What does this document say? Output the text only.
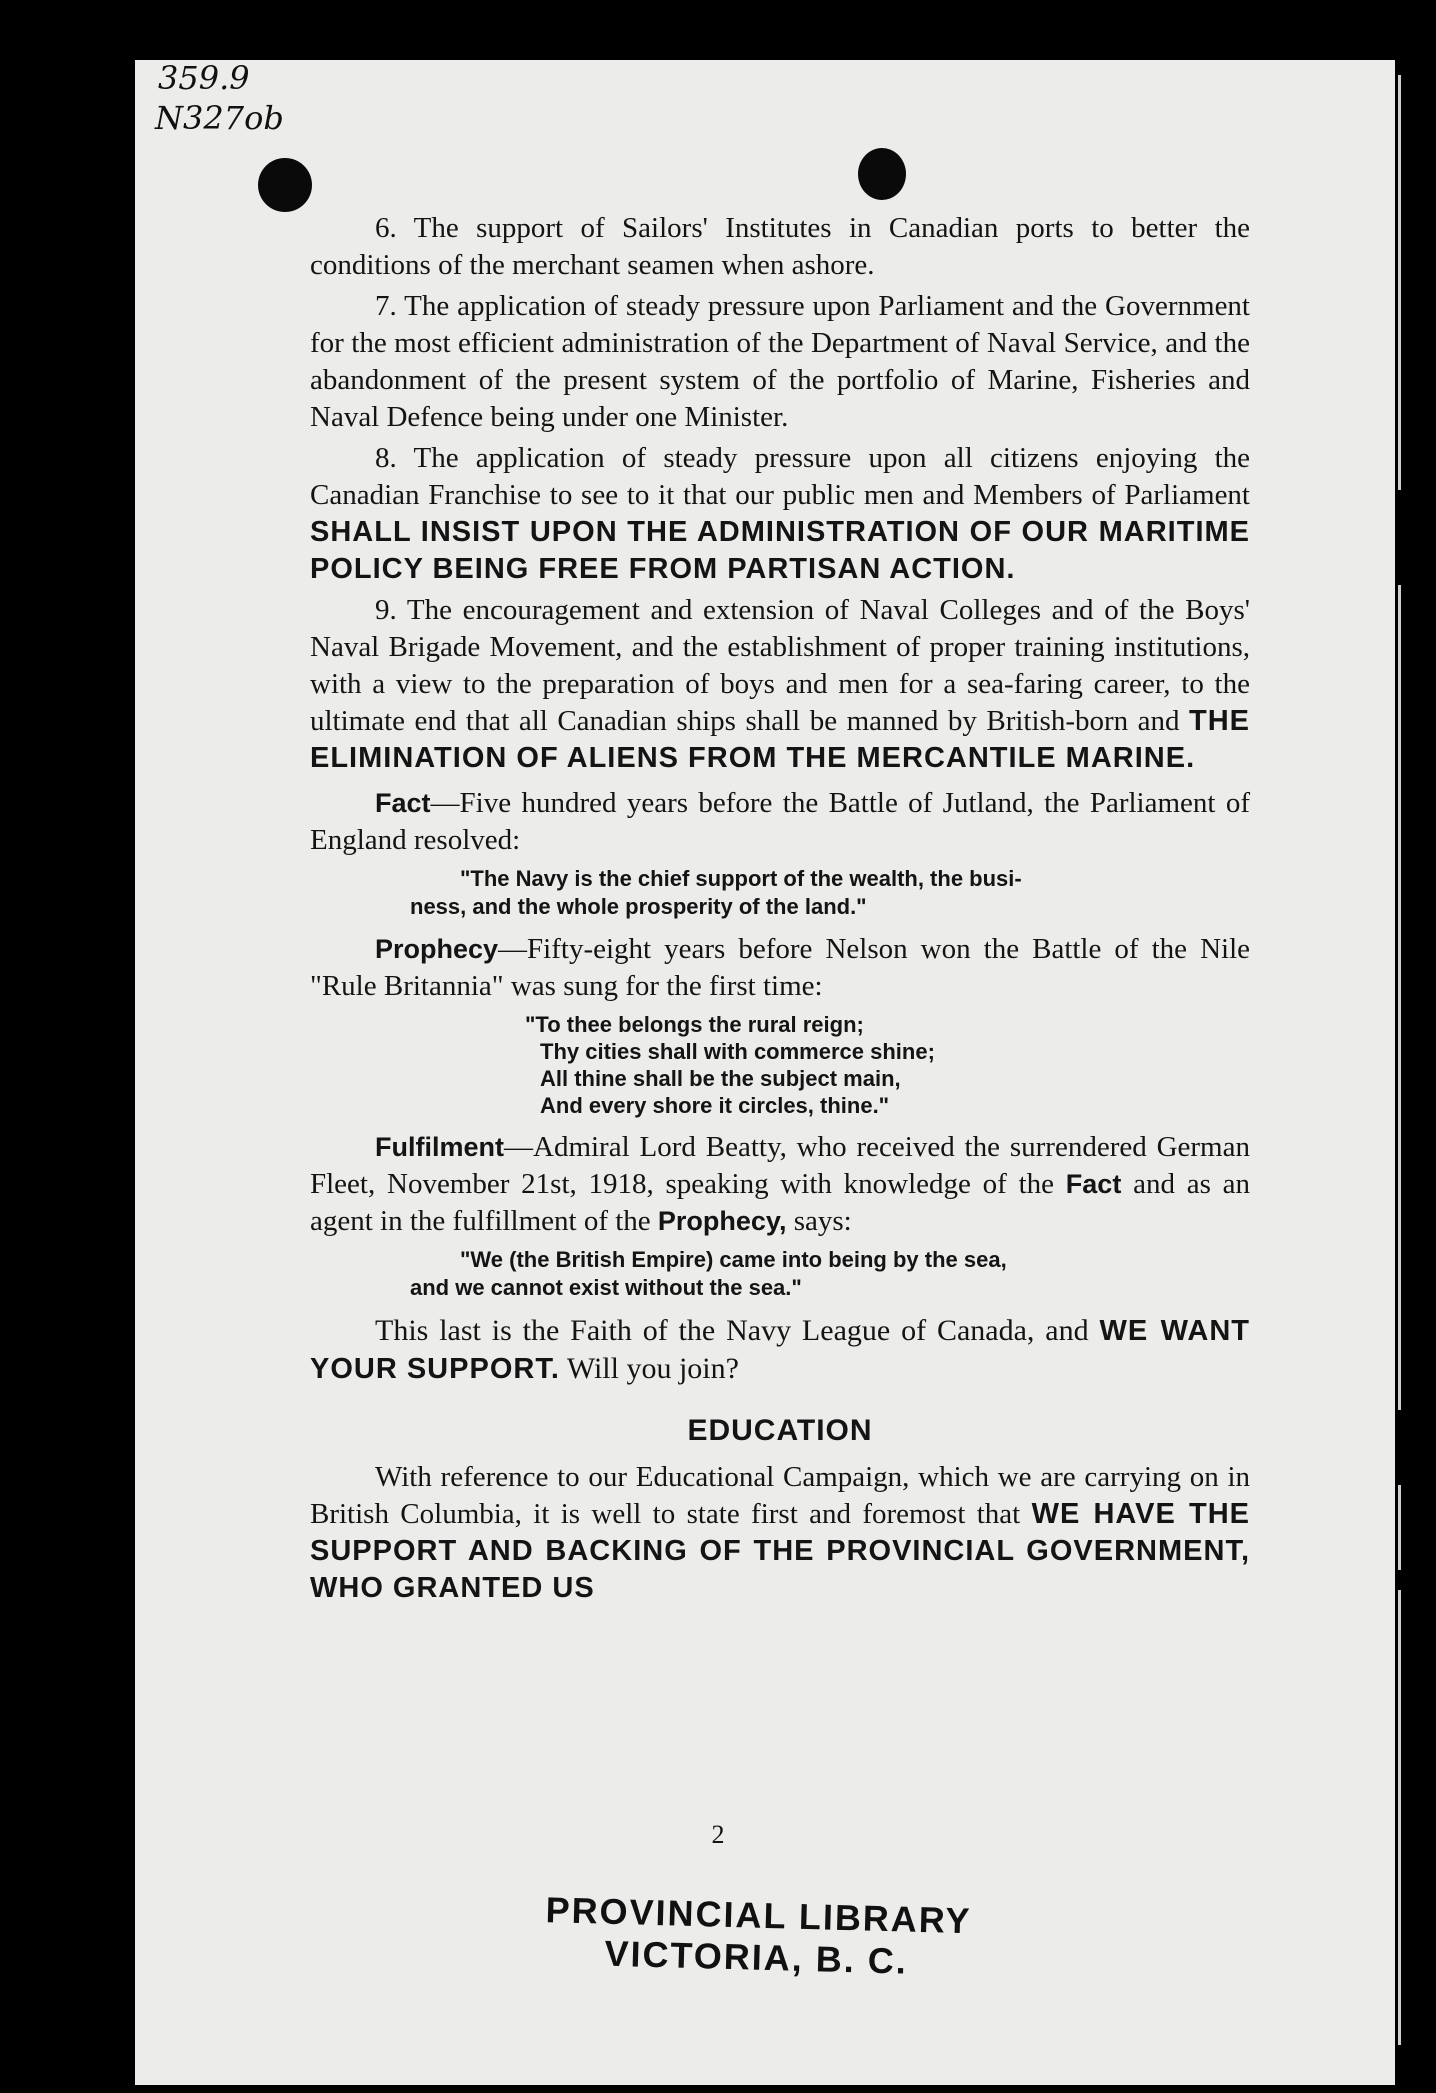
359.9
N327ob

6. The support of Sailors' Institutes in Canadian ports to better the conditions of the merchant seamen when ashore.

7. The application of steady pressure upon Parliament and the Government for the most efficient administration of the Department of Naval Service, and the abandonment of the present system of the portfolio of Marine, Fisheries and Naval Defence being under one Minister.

8. The application of steady pressure upon all citizens enjoying the Canadian Franchise to see to it that our public men and Members of Parliament SHALL INSIST UPON THE ADMINISTRATION OF OUR MARITIME POLICY BEING FREE FROM PARTISAN ACTION.

9. The encouragement and extension of Naval Colleges and of the Boys' Naval Brigade Movement, and the establishment of proper training institutions, with a view to the preparation of boys and men for a sea-faring career, to the ultimate end that all Canadian ships shall be manned by British-born and THE ELIMINATION OF ALIENS FROM THE MERCANTILE MARINE.

Fact—Five hundred years before the Battle of Jutland, the Parliament of England resolved:

"The Navy is the chief support of the wealth, the busi-
ness, and the whole prosperity of the land."

Prophecy—Fifty-eight years before Nelson won the Battle of the Nile "Rule Britannia" was sung for the first time:

"To thee belongs the rural reign;
Thy cities shall with commerce shine;
All thine shall be the subject main,
And every shore it circles, thine."

Fulfilment—Admiral Lord Beatty, who received the surrendered German Fleet, November 21st, 1918, speaking with knowledge of the Fact and as an agent in the fulfillment of the Prophecy, says:

"We (the British Empire) came into being by the sea,
and we cannot exist without the sea."

This last is the Faith of the Navy League of Canada, and WE WANT YOUR SUPPORT. Will you join?

EDUCATION

With reference to our Educational Campaign, which we are carrying on in British Columbia, it is well to state first and foremost that WE HAVE THE SUPPORT AND BACKING OF THE PROVINCIAL GOVERNMENT, WHO GRANTED US

2
PROVINCIAL LIBRARY
VICTORIA, B. C.
